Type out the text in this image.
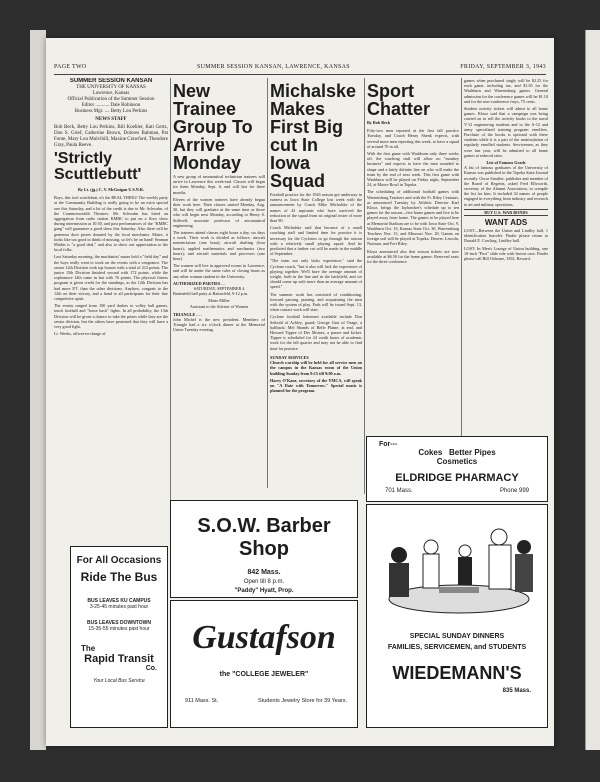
PAGE TWO	SUMMER SESSION KANSAN, LAWRENCE, KANSAS	FRIDAY, SEPTEMBER 3, 1943
SUMMER SESSION KANSAN
THE UNIVERSITY OF KANSAS
Lawrence, Kansas
Official Publication of the Summer Session
Editor ........... Dale Robinson
Business Mgr. .... Betty Lou Perkins
NEWS STAFF

Bob Beck, Betty Lou Perkins, Bill Koehler, Kati Gertz, Don S. Grief, Catherine Brown, Dolores Bahman, Pat Fonte, Mary Lou Mulvihill, Maxine Crawford, Theodore Gray, Paula Reeve.

'Strictly Scuttlebutt'
By Lt. (jg.) C. V. McGuigan U.S.N.R.

Boys, this isn't scuttlebutt, it's the REAL THING! The weekly party at the Community Building is really going to be an extra special one this Saturday, and a lot of the credit is due to Mr. Schwahn, of the Commonwealth Theatres. Mr. Schwahn has hired an aggregation from radio station KMBC to put on a floor show during intermission at 10:30, and past performances of the "KMBC gang" will guarantee a good show this Saturday. Also there will be generous door prizes donated by the local merchants. Mates, it looks like too good to think of missing, so let's be on hand! Seaman Mathis is "a good deal," and also to show our appreciation to the local folks.

Last Saturday morning, the machinists' mates held a "field day" and the boys really went to work on the events with a vengeance. The senior 12th Division took top honors with a total of 212 points. The junior 15th Division finished second with 172 points, while the sophomore 14th came in last with 76 points. The physical fitness program is given credit for the standings, as the 12th Division has had more P.T. than the other divisions. Anyhow, congrats to the 12th on their victory, and a hand to all participants for their fine competitive spirit.

The events ranged from 100 yard dashes to volley ball games, touch football and "horse back" fights. In all probability, the 13th Division will be given a chance to take the prizes while they are the senior division, but the others have promised that they will have a very good fight.

Lt. Weeks, officer-in-charge of

New Trainee Group To Arrive Monday

A new group of aeronautical technician trainees will arrive in Lawrence this week-end. Classes will begin for them Monday, Sept. 6, and will last for three months.

Eleven of the women trainees have already begun their work here. Their classes started Monday, Aug. 30, but they will graduate at the same time as those who will begin next Monday, according to Henry S. Stillwell, associate professor of aeronautical engineering.

The trainees attend classes eight hours a day, six days a week. Their work is divided as follows: aircraft nomenclature (one hour); aircraft drafting (four hours); applied mathematics and mechanics (two hours); and aircraft materials and processes (one hour).

The women will live in approved rooms in Lawrence, and will be under the same rules of closing hours as any other woman student in the University.

AUTHORIZED PARTIES . .
SATURDAY, SEPTEMBER 4

Battenfeld hall party at Battenfeld, 9-12 p.m.

Marie Miller
Assistant to the Adviser of Women
TRIANGLE . . .

John Michel is the new president. Members of Triangle had a six o'clock dinner at the Memorial Union Tuesday evening.

Michalske Makes First Big cut In Iowa Squad

Football practice for the 1943 season got underway in earnest as Iowa State College lost week with the announcement by Coach Mike Michalske of the names of 43 aspirants who have survived the reduction of the squad from its original roster of more than 90.

Coach Michalske said that because of a small coaching staff and limited time for practice it is necessary for the Cyclones to go through the season with a relatively small playing squad. And he predicted that a further cut will be made in the middle of September.

"The team not only lacks experience," said the Cyclone coach, "but it also will lack the experience of playing together. We'll have the average amount of weight, both in the line and in the backfield, and we should come up with more than an average amount of speed."

The summer work has consisted of conditioning, forward passing, punting, and acquainting the men with the system of play. Pads will be issued Sept. 13, when contact work will start.

Cyclone football lettermen available include Don Seibold of Ackley, guard; George Gast of Osage, a halfback; Mel Shands of Belle Plaine; at end, and Howard Tippee of Des Moines, a passer and kicker. Tippee is scheduled for 24 credit hours of academic work for the fall quarter and may not be able to find time for practice.

SUNDAY SERVICES

Church worship will be held for all service men on the campus in the Kansas room of the Union building Sunday from 9:15 till 9:00 a.m.

Harry O'Kane, secretary of the YMCA, will speak on "A Date with Tomorrow." Special music is planned for the program.

Sport Chatter
By Bob Beck

Fifty-two men reported at the first fall practice Tuesday, and Coach Henry Shenk expects, with several more men reporting this week, to have a squad of around 70 in all.

With the first game with Washburn only three weeks off, the coaching staff will allow no "monkey business" and expects to have the men rounded to shape and a fairly definite line on who will make the team by the end of next week. This first game with Washburn will be played on Friday night, September 24, at Moore Bowl in Topeka.

The scheduling of additional football games with Warrensburg Teachers and with the Ft. Riley Centaurs, as announced Tuesday by Athletic Director Karl Klooz, brings the Jayhawker's schedule up to ten games for the season—five home games and five to be played away from home. The games to be played here at Memorial Stadium are to be with Iowa State Oct. 9, Washburn Oct. 16, Kansas State Oct. 30, Warrensburg Teachers Nov. 13, and Missouri Nov. 20. Games on foreign soil will be played at Topeka, Denver, Lincoln, Norman, and Fort Riley.

Klooz announced also that season tickets are now available at $6.50 for the home games. Reserved seats for the three conference

games when purchased singly will be $2.25 for each game, including tax, and $1.65 for the Washburn and Warrensburg games. General admission for the conference games will be $1.10 and for the non-conference frays, 75 cents.

Student activity tickets will admit to all home games. Klooz said that a campaign was being carried on to sell the activity books to the naval V-12 engineering students and to the A-12 and army specialized training program enrollees. Purchase of the books is optional with these students while it is a part of the matriculation of regularly enrolled students. Servicemen, as they were last year, will be admitted to all home games at reduced rates.

List of Famous Grads

A list of famous graduates of the University of Kansas was published in the Topeka State Journal recently. Oscar Stauffer, publisher and member of the Board of Regents, asked Fred Ellsworth, secretary of the Alumni Association, to compile the list for him. It included 32 names of people engaged in everything from industry and research to art and military operations.

BUY U.S. WAR BONDS
WANT ADS

LOST—Between the Union and Lindley hall, 1 identification bracelet. Finder please return to Donald E. Cowling, Lindley hall.

LOST: In Men's Lounge of Union building, one 10-inch "Post" slide rule with brown case. Finder please call Bill Osborne, 3392. Reward.

For All Occasions
Ride The Bus
BUS LEAVES KU CAMPUS
3-25-45 minutes past hour
BUS LEAVES DOWNTOWN
15-35-55 minutes past hour
The
Rapid Transit
Co.
Your Local Bus Service
S.O.W. Barber Shop
842 Mass.
Open till 8 p.m.
"Paddy" Hyatt, Prop.
Gustafson
the "COLLEGE JEWELER"
911 Mass. St.	Students Jewelry Store for 39 Years.
For---
Cokes   Better Pipes
Cosmetics
ELDRIDGE PHARMACY
701 Mass.	Phone 999
SPECIAL SUNDAY DINNERS
FAMILIES, SERVICEMEN, and STUDENTS
WIEDEMANN'S
835 Mass.
